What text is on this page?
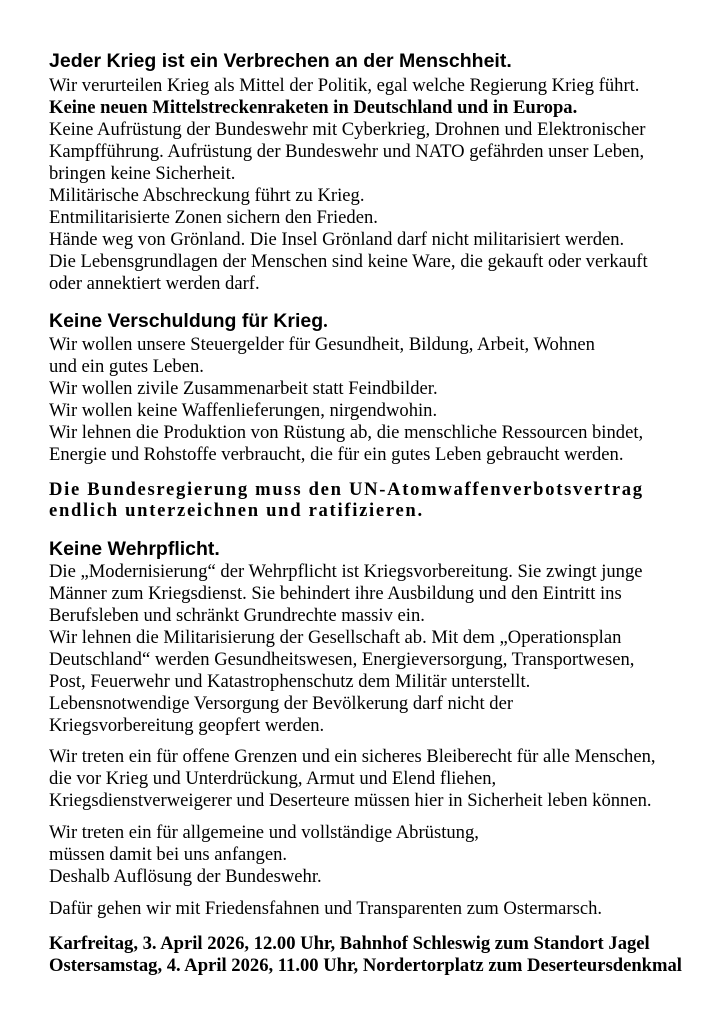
Jeder Krieg ist ein Verbrechen an der Menschheit.
Wir verurteilen Krieg als Mittel der Politik, egal welche Regierung Krieg führt.
Keine neuen Mittelstreckenraketen in Deutschland und in Europa.
Keine Aufrüstung der Bundeswehr mit Cyberkrieg, Drohnen und Elektronischer
Kampfführung. Aufrüstung der Bundeswehr und NATO gefährden unser Leben,
bringen keine Sicherheit.
Militärische Abschreckung führt zu Krieg.
Entmilitarisierte Zonen sichern den Frieden.
Hände weg von Grönland. Die Insel Grönland darf nicht militarisiert werden.
Die Lebensgrundlagen der Menschen sind keine Ware, die gekauft oder verkauft
oder annektiert werden darf.
Keine Verschuldung für Krieg.
Wir wollen unsere Steuergelder für Gesundheit, Bildung, Arbeit, Wohnen
und ein gutes Leben.
Wir wollen zivile Zusammenarbeit statt Feindbilder.
Wir wollen keine Waffenlieferungen, nirgendwohin.
Wir lehnen die Produktion von Rüstung ab, die menschliche Ressourcen bindet,
Energie und Rohstoffe verbraucht, die für ein gutes Leben gebraucht werden.
Die Bundesregierung muss den UN-Atomwaffenverbotsvertrag
endlich unterzeichnen und ratifizieren.
Keine Wehrpflicht.
Die „Modernisierung“ der Wehrpflicht ist Kriegsvorbereitung. Sie zwingt junge
Männer zum Kriegsdienst. Sie behindert ihre Ausbildung und den Eintritt ins
Berufsleben und schränkt Grundrechte massiv ein.
Wir lehnen die Militarisierung der Gesellschaft ab. Mit dem „Operationsplan
Deutschland“ werden Gesundheitswesen, Energieversorgung, Transportwesen,
Post, Feuerwehr und Katastrophenschutz dem Militär unterstellt.
Lebensnotwendige Versorgung der Bevölkerung darf nicht der
Kriegsvorbereitung geopfert werden.
Wir treten ein für offene Grenzen und ein sicheres Bleiberecht für alle Menschen,
die vor Krieg und Unterdrückung, Armut und Elend fliehen,
Kriegsdienstverweigerer und Deserteure müssen hier in Sicherheit leben können.
Wir treten ein für allgemeine und vollständige Abrüstung,
müssen damit bei uns anfangen.
Deshalb Auflösung der Bundeswehr.
Dafür gehen wir mit Friedensfahnen und Transparenten zum Ostermarsch.
Karfreitag, 3. April 2026, 12.00 Uhr, Bahnhof Schleswig zum Standort Jagel
Ostersamstag, 4. April 2026, 11.00 Uhr, Nordertorplatz zum Deserteursdenkmal
